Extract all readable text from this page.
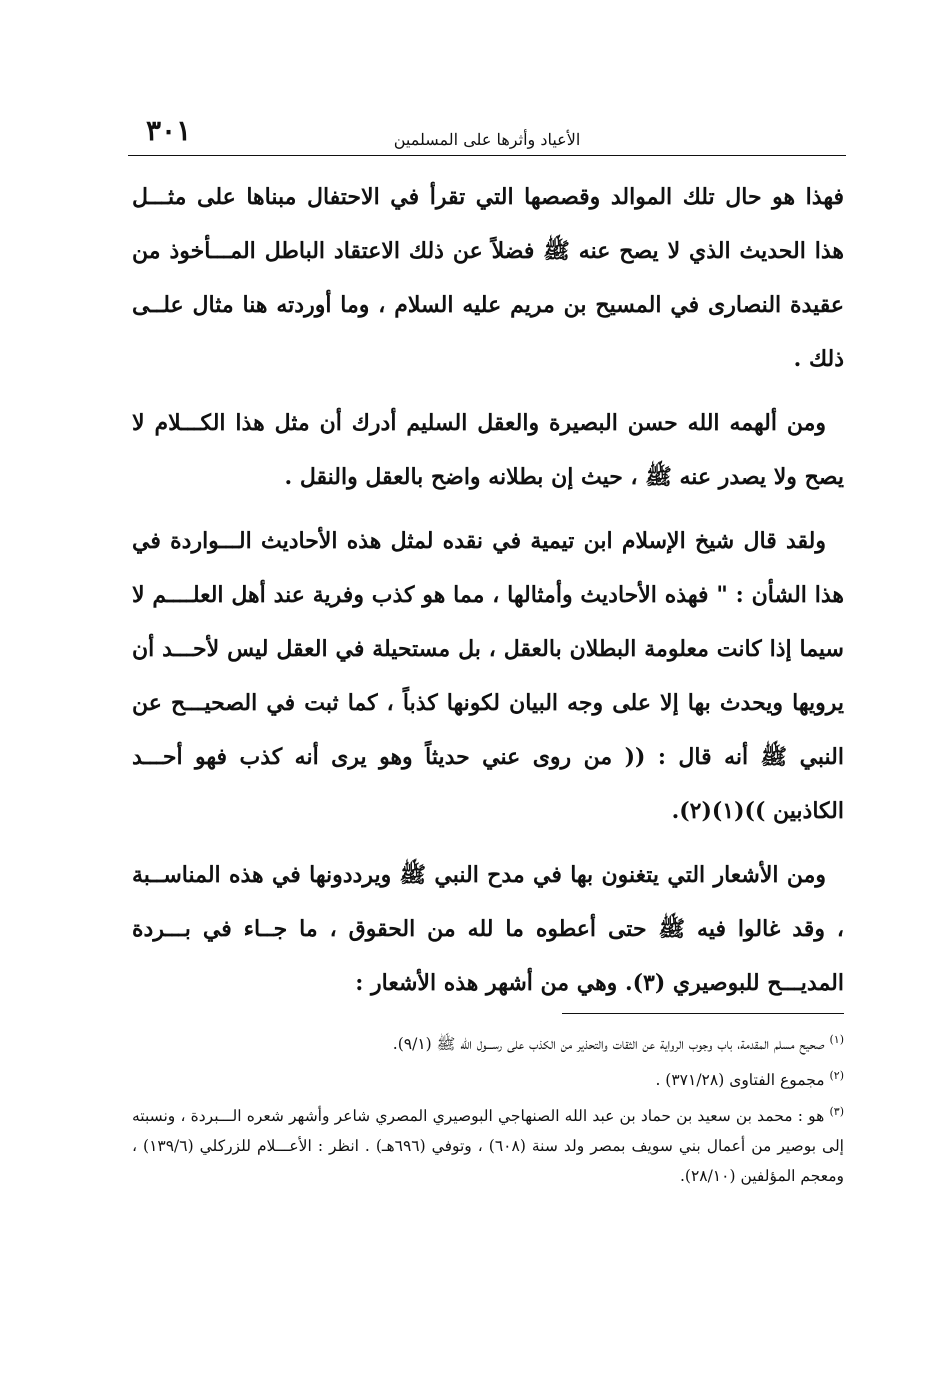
٣٠١	الأعياد وأثرها على المسلمين

فهذا هو حال تلك الموالد وقصصها التي تقرأ في الاحتفال مبناها على مثـــل هذا الحديث الذي لا يصح عنه ﷺ فضلاً عن ذلك الاعتقاد الباطل المـــأخوذ من عقيدة النصارى في المسيح بن مريم عليه السلام ، وما أوردته هنا مثال علــى ذلك .

ومن ألهمه الله حسن البصيرة والعقل السليم أدرك أن مثل هذا الكـــلام لا يصح ولا يصدر عنه ﷺ ، حيث إن بطلانه واضح بالعقل والنقل .

ولقد قال شيخ الإسلام ابن تيمية في نقده لمثل هذه الأحاديث الـــواردة في هذا الشأن : " فهذه الأحاديث وأمثالها ، مما هو كذب وفرية عند أهل العلــــم لا سيما إذا كانت معلومة البطلان بالعقل ، بل مستحيلة في العقل ليس لأحـــد أن يرويها ويحدث بها إلا على وجه البيان لكونها كذباً ، كما ثبت في الصحيـــح عن النبي ﷺ أنه قال : (( من روى عني حديثاً وهو يرى أنه كذب فهو أحـــد الكاذبين ))(١)(٢).

ومن الأشعار التي يتغنون بها في مدح النبي ﷺ ويرددونها في هذه المناســبة ، وقد غالوا فيه ﷺ حتى أعطوه ما لله من الحقوق ، ما جــاء في بـــردة المديـــح للبوصيري (٣). وهي من أشهر هذه الأشعار :

$^{(١)}$ صحيح مسلم المقدمة، باب وجوب الرواية عن الثقات والتحذير من الكذب على رســـول الله ﷺ (٩/١).

$^{(٢)}$ مجموع الفتاوى (٣٧١/٢٨) .

$^{(٣)}$ هو : محمد بن سعيد بن حماد بن عبد الله الصنهاجي البوصيري المصري شاعر وأشهر شعره الـــبردة ، ونسبته إلى بوصير من أعمال بني سويف بمصر ولد سنة (٦٠٨) ، وتوفي (٦٩٦هـ) . انظر : الأعـــلام للزركلي (١٣٩/٦) ، ومعجم المؤلفين (٢٨/١٠).
